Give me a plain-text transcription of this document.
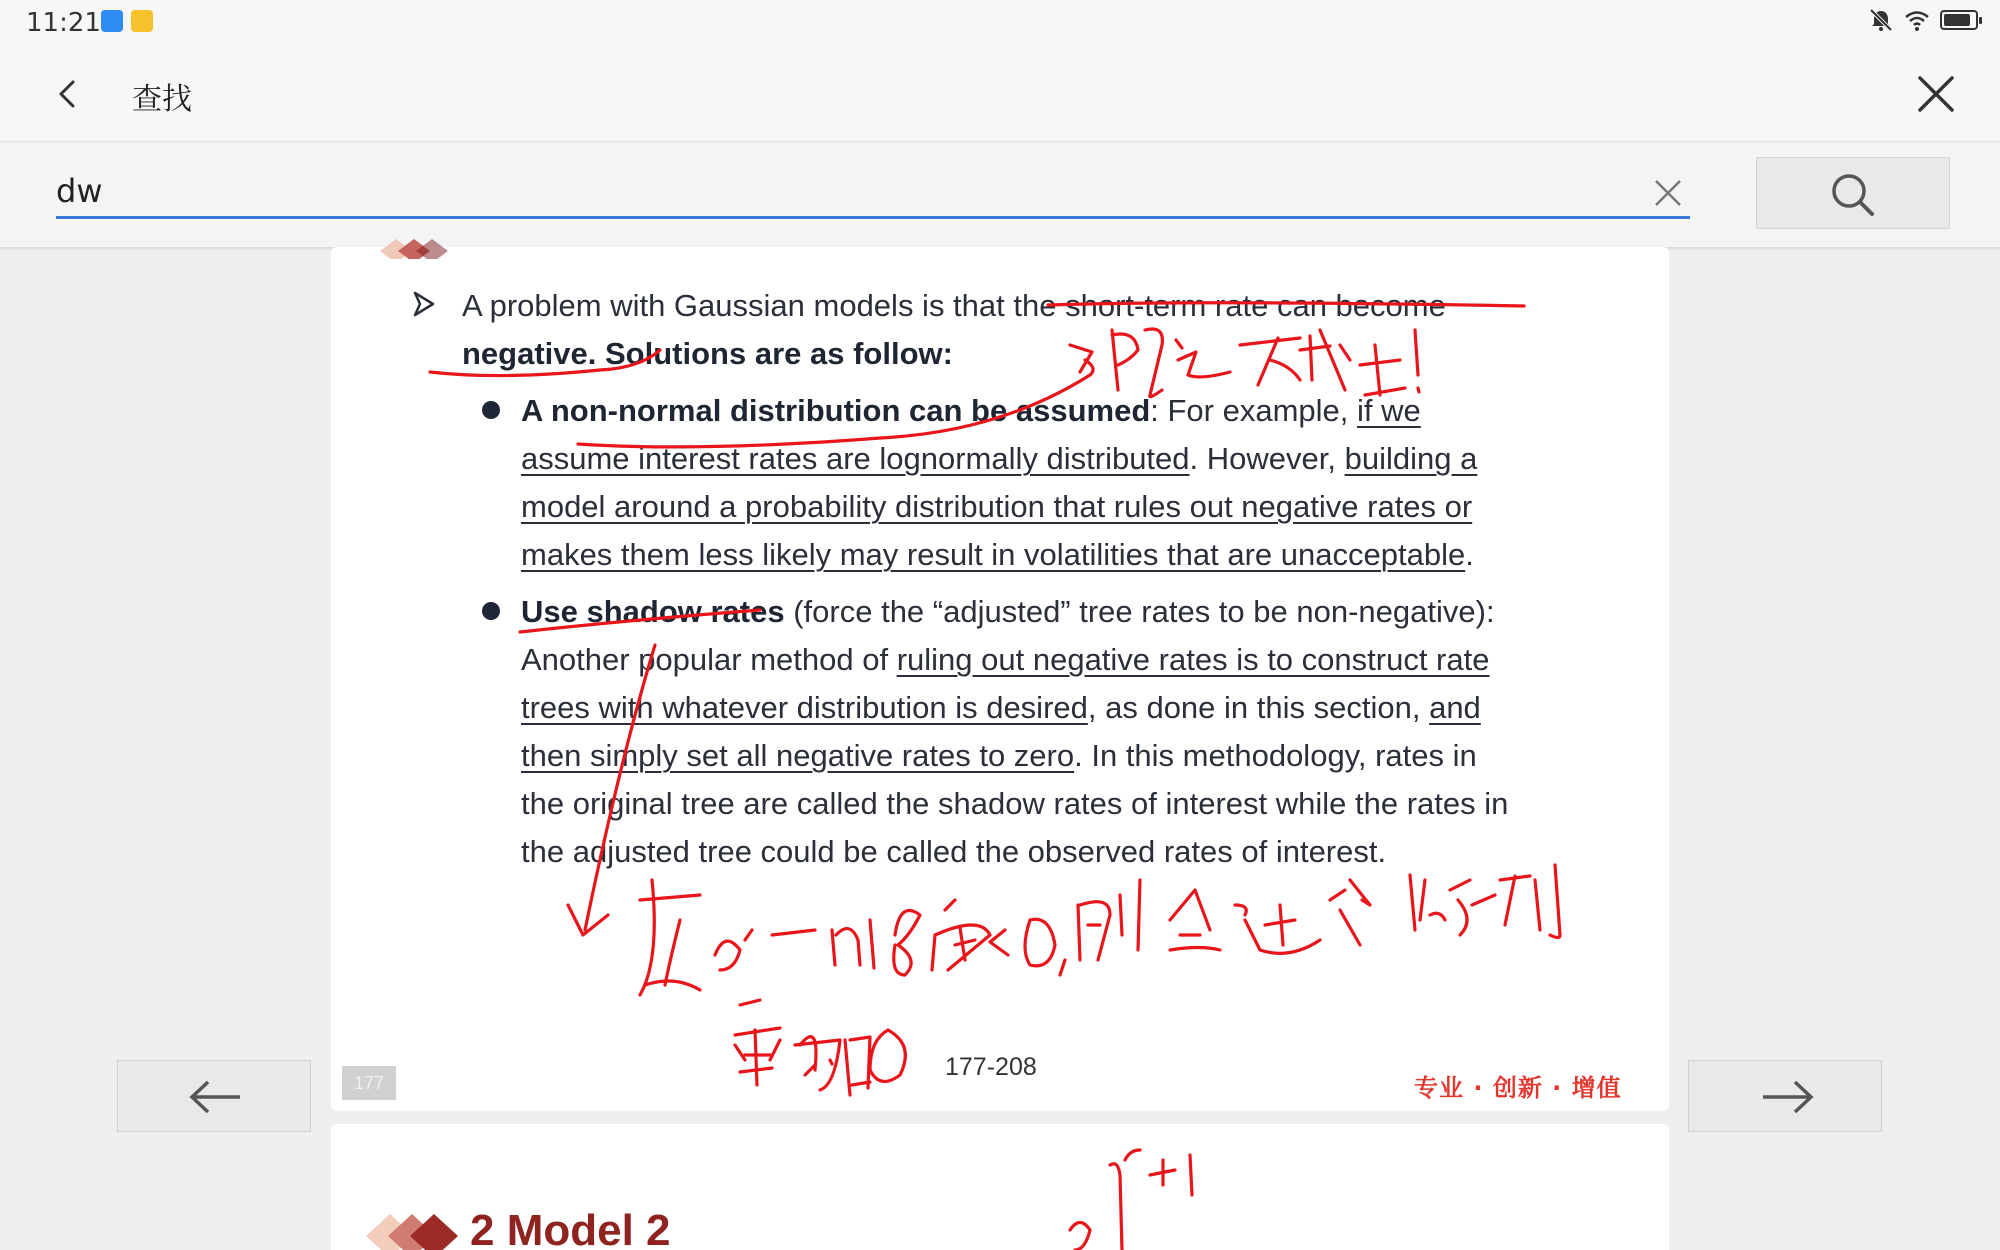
11:21
查找
dw
A problem with Gaussian models is that the short-term rate can become
negative. Solutions are as follow:
A non-normal distribution can be assumed: For example, if we
assume interest rates are lognormally distributed. However, building a
model around a probability distribution that rules out negative rates or
makes them less likely may result in volatilities that are unacceptable.
Use shadow rates (force the “adjusted” tree rates to be non-negative):
Another popular method of ruling out negative rates is to construct rate
trees with whatever distribution is desired, as done in this section, and
then simply set all negative rates to zero. In this methodology, rates in
the original tree are called the shadow rates of interest while the rates in
the adjusted tree could be called the observed rates of interest.
177
177-208
专业 · 创新 · 增值
2 Model 2
